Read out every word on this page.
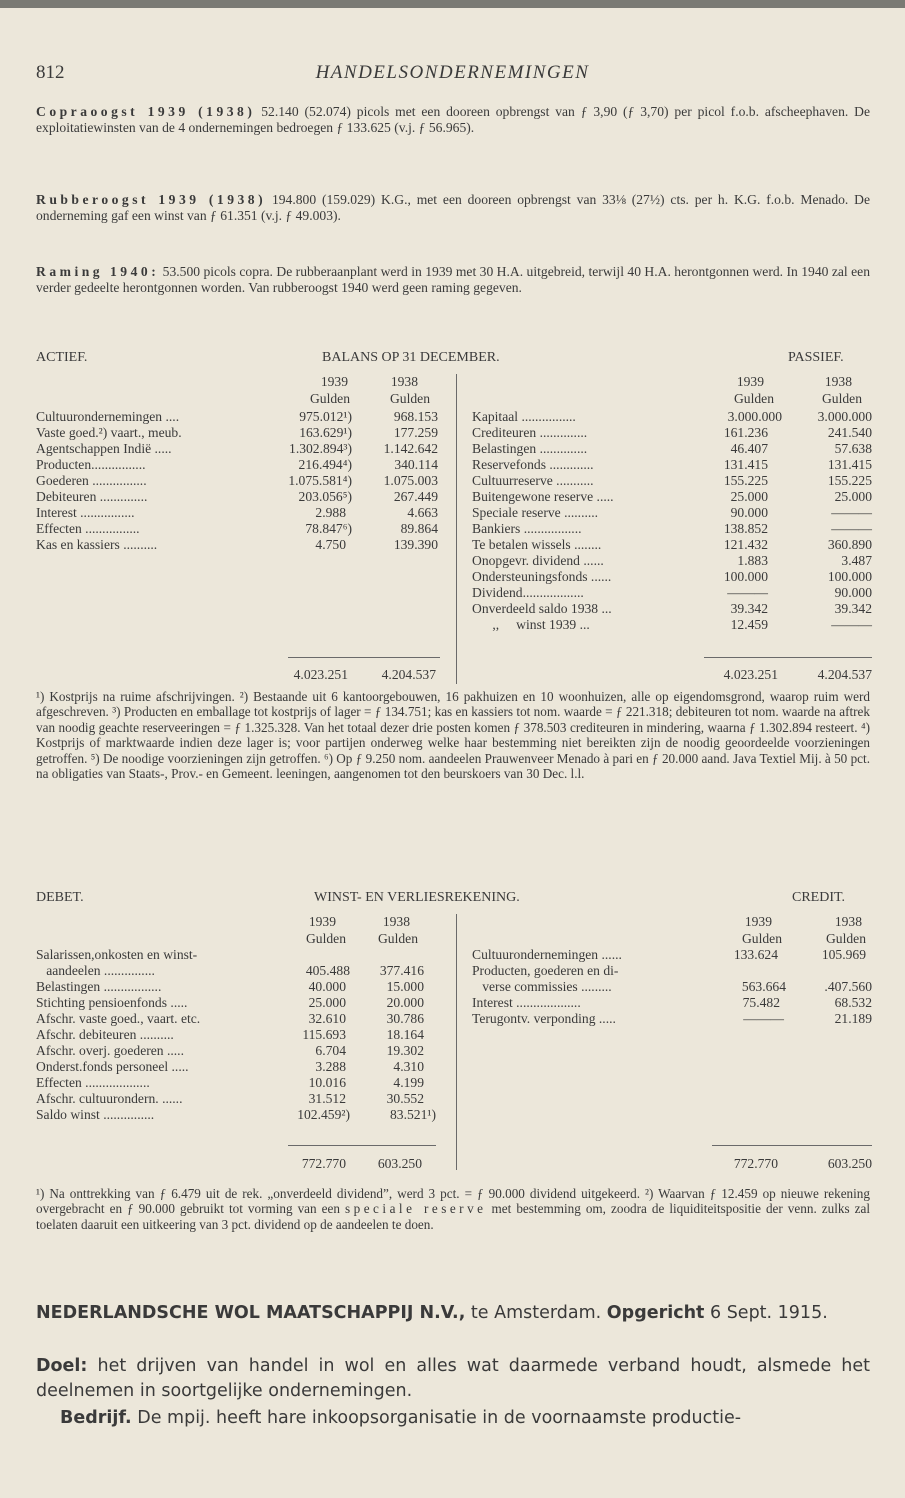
812	HANDELSONDERNEMINGEN
Copraoogst 1939 (1938) 52.140 (52.074) picols met een dooreen opbrengst van ƒ 3,90 (ƒ 3,70) per picol f.o.b. afscheephaven. De exploitatiewinsten van de 4 ondernemingen bedroegen ƒ 133.625 (v.j. ƒ 56.965).
Rubberoogst 1939 (1938) 194.800 (159.029) K.G., met een dooreen opbrengst van 33⅛ (27½) cts. per h. K.G. f.o.b. Menado. De onderneming gaf een winst van ƒ 61.351 (v.j. ƒ 49.003).
Raming 1940: 53.500 picols copra. De rubberaanplant werd in 1939 met 30 H.A. uitgebreid, terwijl 40 H.A. herontgonnen werd. In 1940 zal een verder gedeelte herontgonnen worden. Van rubberoogst 1940 werd geen raming gegeven.
ACTIEF.	BALANS OP 31 DECEMBER.	PASSIEF.
1939	1938
Gulden	Gulden
1939	1938
Gulden	Gulden
Cultuurondernemingen ....	975.012¹)	968.153
Vaste goed.²) vaart., meub.	163.629¹)	177.259
Agentschappen Indië .....	1.302.894³)	1.142.642
Producten................	216.494⁴)	340.114
Goederen ................	1.075.581⁴)	1.075.003
Debiteuren ..............	203.056⁵)	267.449
Interest ................	2.988	4.663
Effecten ................	78.847⁶)	89.864
Kas en kassiers ..........	4.750	139.390
Kapitaal ................	3.000.000	3.000.000
Crediteuren ..............	161.236	241.540
Belastingen ..............	46.407	57.638
Reservefonds .............	131.415	131.415
Cultuurreserve ...........	155.225	155.225
Buitengewone reserve .....	25.000	25.000
Speciale reserve ..........	90.000	———
Bankiers .................	138.852	———
Te betalen wissels ........	121.432	360.890
Onopgevr. dividend ......	1.883	3.487
Ondersteuningsfonds ......	100.000	100.000
Dividend..................	———	90.000
Onverdeeld saldo 1938 ...	39.342	39.342
,,     winst 1939 ...	12.459	———
4.023.251	4.204.537	4.023.251	4.204.537
¹) Kostprijs na ruime afschrijvingen. ²) Bestaande uit 6 kantoorgebouwen, 16 pakhuizen en 10 woonhuizen, alle op eigendomsgrond, waarop ruim werd afgeschreven. ³) Producten en emballage tot kostprijs of lager = ƒ 134.751; kas en kassiers tot nom. waarde = ƒ 221.318; debiteuren tot nom. waarde na aftrek van noodig geachte reserveeringen = ƒ 1.325.328. Van het totaal dezer drie posten komen ƒ 378.503 crediteuren in mindering, waarna ƒ 1.302.894 resteert. ⁴) Kostprijs of marktwaarde indien deze lager is; voor partijen onderweg welke haar bestemming niet bereikten zijn de noodig geoordeelde voorzieningen getroffen. ⁵) De noodige voorzieningen zijn getroffen. ⁶) Op ƒ 9.250 nom. aandeelen Prauwenveer Menado à pari en ƒ 20.000 aand. Java Textiel Mij. à 50 pct. na obligaties van Staats-, Prov.- en Gemeent. leeningen, aangenomen tot den beurskoers van 30 Dec. l.l.
DEBET.	WINST- EN VERLIESREKENING.	CREDIT.
1939	1938
Gulden	Gulden
1939	1938
Gulden	Gulden
Salarissen,onkosten en winst-
aandeelen ...............	405.488	377.416
Belastingen .................	40.000	15.000
Stichting pensioenfonds .....	25.000	20.000
Afschr. vaste goed., vaart. etc.	32.610	30.786
Afschr. debiteuren ..........	115.693	18.164
Afschr. overj. goederen .....	6.704	19.302
Onderst.fonds personeel .....	3.288	4.310
Effecten ...................	10.016	4.199
Afschr. cultuurondern. ......	31.512	30.552
Saldo winst ...............	102.459²)	83.521¹)
Cultuurondernemingen ......	133.624	105.969
Producten, goederen en di-
verse commissies .........	563.664	.407.560
Interest ...................	75.482	68.532
Terugontv. verponding .....	———	21.189
772.770	603.250	772.770	603.250
¹) Na onttrekking van ƒ 6.479 uit de rek. „onverdeeld dividend”, werd 3 pct. = ƒ 90.000 dividend uitgekeerd. ²) Waarvan ƒ 12.459 op nieuwe rekening overgebracht en ƒ 90.000 gebruikt tot vorming van een speciale reserve met bestemming om, zoodra de liquiditeitspositie der venn. zulks zal toelaten daaruit een uitkeering van 3 pct. dividend op de aandeelen te doen.
NEDERLANDSCHE WOL MAATSCHAPPIJ N.V., te Amsterdam. Opgericht 6 Sept. 1915.
Doel: het drijven van handel in wol en alles wat daarmede verband houdt, alsmede het deelnemen in soortgelijke ondernemingen.
Bedrijf. De mpij. heeft hare inkoopsorganisatie in de voornaamste productie-
